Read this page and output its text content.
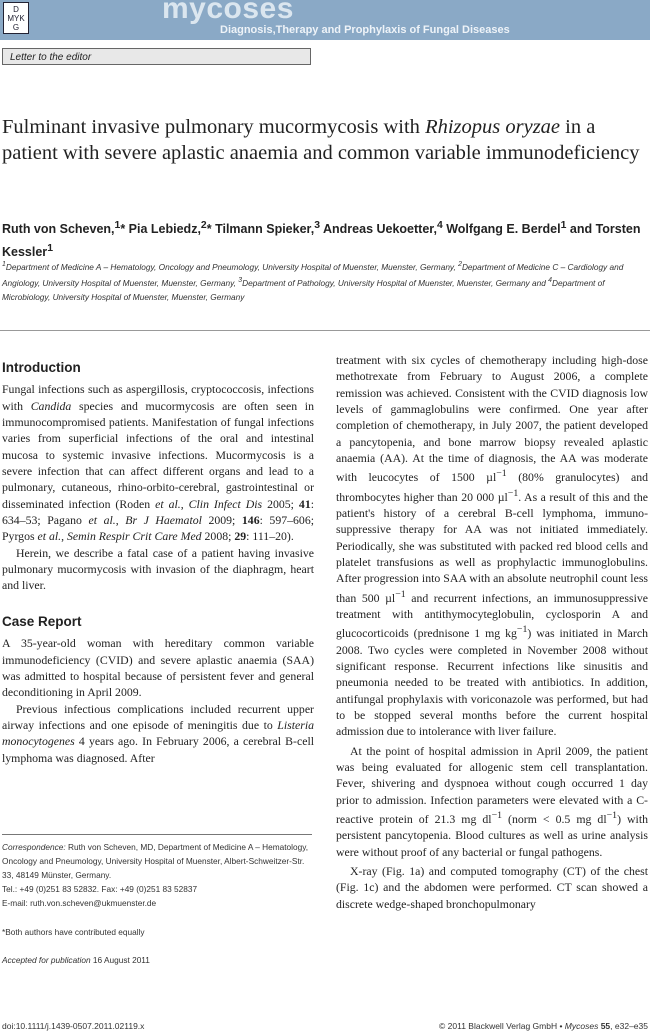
D
MYK
G
mycoses
Diagnosis,Therapy and Prophylaxis of Fungal Diseases
Letter to the editor
Fulminant invasive pulmonary mucormycosis with Rhizopus oryzae in a patient with severe aplastic anaemia and common variable immunodeficiency
Ruth von Scheven,$^1$* Pia Lebiedz,$^2$* Tilmann Spieker,$^3$ Andreas Uekoetter,$^4$ Wolfgang E. Berdel$^1$ and Torsten Kessler$^1$
$^1$Department of Medicine A – Hematology, Oncology and Pneumology, University Hospital of Muenster, Muenster, Germany, $^2$Department of Medicine C – Cardiology and Angiology, University Hospital of Muenster, Muenster, Germany, $^3$Department of Pathology, University Hospital of Muenster, Muenster, Germany and $^4$Department of Microbiology, University Hospital of Muenster, Muenster, Germany
Introduction

Fungal infections such as aspergillosis, cryptococcosis, infections with Candida species and mucormycosis are often seen in immunocompromised patients. Manifestation of fungal infections varies from superficial infections of the oral and intestinal mucosa to systemic invasive infections. Mucormycosis is a severe infection that can affect different organs and lead to a pulmonary, cutaneous, rhino-orbito-cerebral, gastrointestinal or disseminated infection (Roden et al., Clin Infect Dis 2005; 41: 634–53; Pagano et al., Br J Haematol 2009; 146: 597–606; Pyrgos et al., Semin Respir Crit Care Med 2008; 29: 111–20).

Herein, we describe a fatal case of a patient having invasive pulmonary mucormycosis with invasion of the diaphragm, heart and liver.

Case Report

A 35-year-old woman with hereditary common variable immunodeficiency (CVID) and severe aplastic anaemia (SAA) was admitted to hospital because of persistent fever and general deconditioning in April 2009.

Previous infectious complications included recurrent upper airway infections and one episode of meningitis due to Listeria monocytogenes 4 years ago. In February 2006, a cerebral B-cell lymphoma was diagnosed. After

Correspondence: Ruth von Scheven, MD, Department of Medicine A – Hematology, Oncology and Pneumology, University Hospital of Muenster, Albert-Schweitzer-Str. 33, 48149 Münster, Germany.
Tel.: +49 (0)251 83 52832. Fax: +49 (0)251 83 52837
E-mail: ruth.von.scheven@ukmuenster.de
*Both authors have contributed equally
Accepted for publication 16 August 2011

treatment with six cycles of chemotherapy including high-dose methotrexate from February to August 2006, a complete remission was achieved. Consistent with the CVID diagnosis low levels of gammaglobulins were confirmed. One year after completion of chemotherapy, in July 2007, the patient developed a pancytopenia, and bone marrow biopsy revealed aplastic anaemia (AA). At the time of diagnosis, the AA was moderate with leucocytes of 1500 µl$^{-1}$ (80% granulocytes) and thrombocytes higher than 20 000 µl$^{-1}$. As a result of this and the patient's history of a cerebral B-cell lymphoma, immuno-suppressive therapy for AA was not initiated immediately. Periodically, she was substituted with packed red blood cells and platelet transfusions as well as prophylactic immunoglobulins. After progression into SAA with an absolute neutrophil count less than 500 µl$^{-1}$ and recurrent infections, an immunosuppressive treatment with antithymocyteglobulin, cyclosporin A and glucocorticoids (prednisone 1 mg $kg^{-1}$) was initiated in March 2008. Two cycles were completed in November 2008 without significant response. Recurrent infections like sinusitis and pneumonia needed to be treated with antibiotics. In addition, antifungal prophylaxis with voriconazole was performed, but had to be stopped several months before the current hospital admission due to intolerance with liver failure.

At the point of hospital admission in April 2009, the patient was being evaluated for allogenic stem cell transplantation. Fever, shivering and dyspnoea without cough occurred 1 day prior to admission. Infection parameters were elevated with a C-reactive protein of 21.3 mg $dl^{-1}$ (norm < 0.5 mg $dl^{-1}$) with persistent pancytopenia. Blood cultures as well as urine analysis were without proof of any bacterial or fungal pathogens.

X-ray (Fig. 1a) and computed tomography (CT) of the chest (Fig. 1c) and the abdomen were performed. CT scan showed a discrete wedge-shaped bronchopulmonary

doi:10.1111/j.1439-0507.2011.02119.x	© 2011 Blackwell Verlag GmbH • Mycoses 55, e32–e35
